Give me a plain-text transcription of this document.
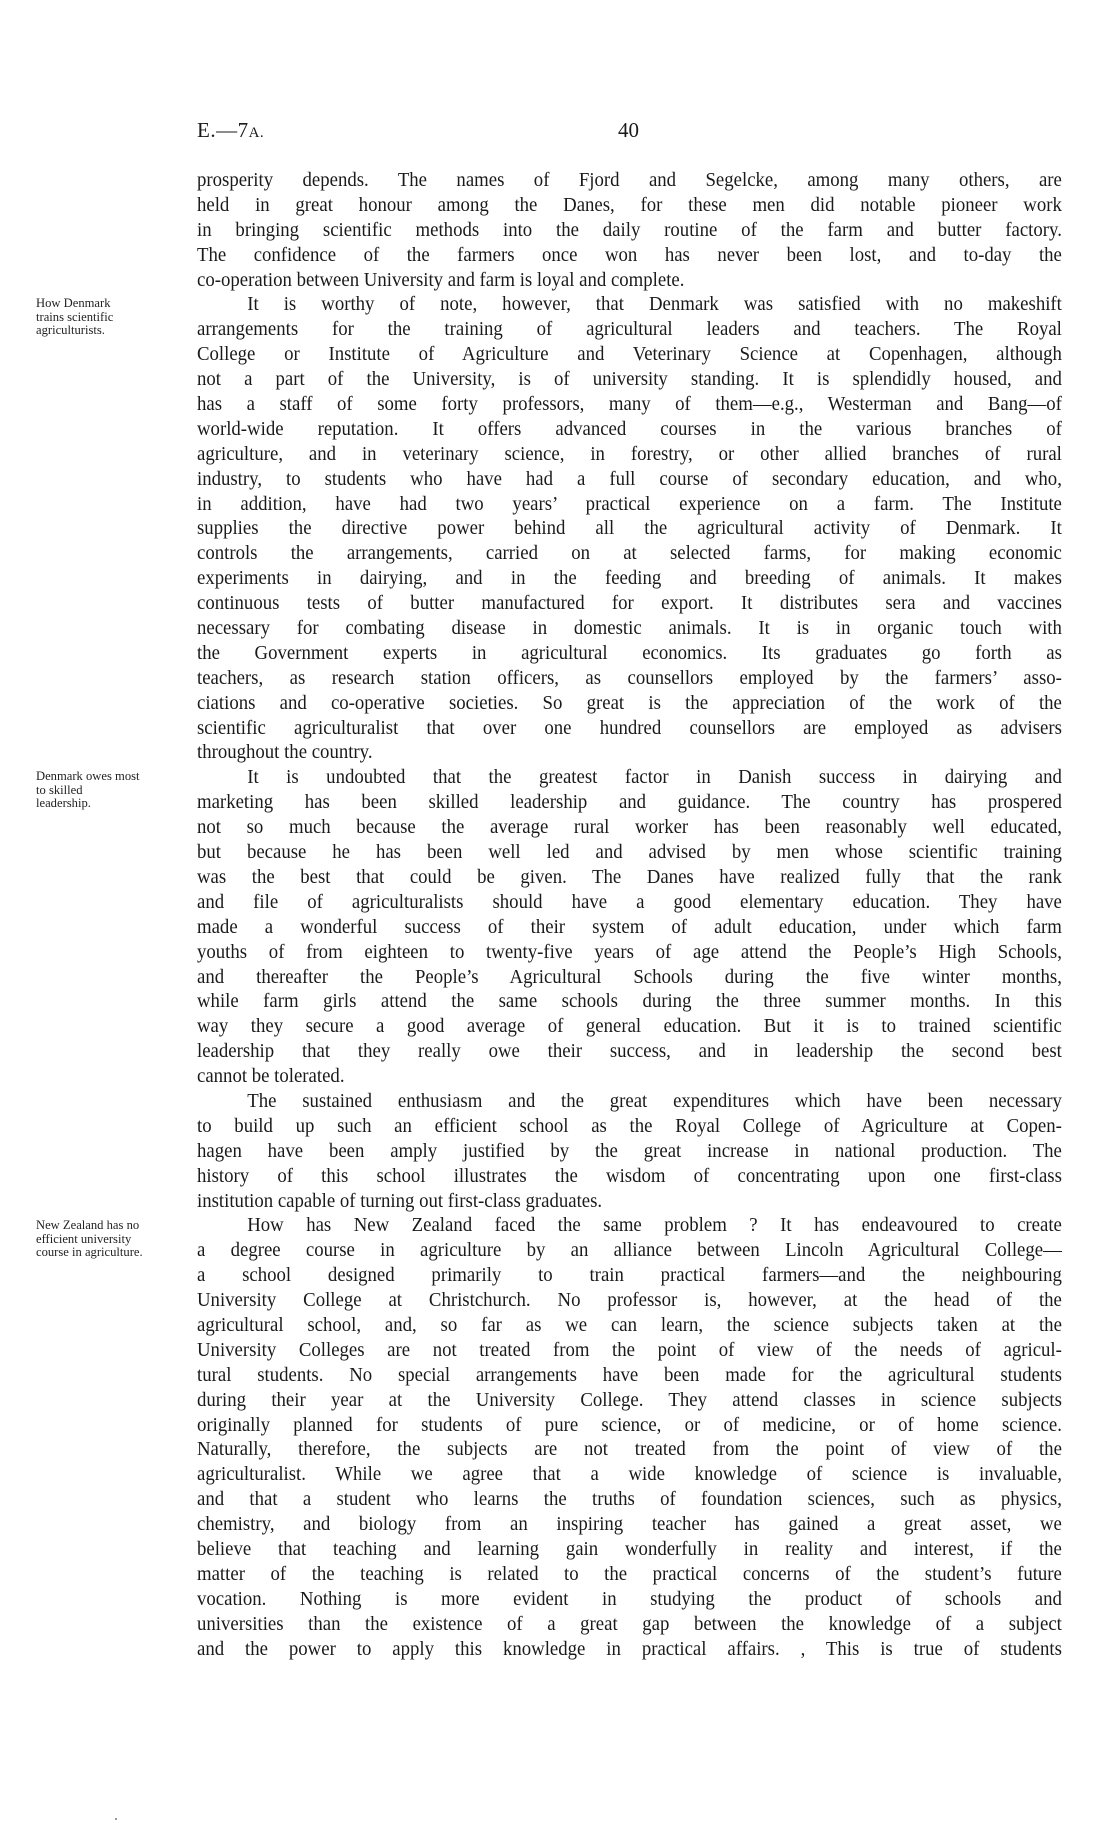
E.—7A.	40
How Denmark
trains scientific
agriculturists.
Denmark owes most
to skilled
leadership.
New Zealand has no
efficient university
course in agriculture.
prosperity depends. The names of Fjord and Segelcke, among many others, are
held in great honour among the Danes, for these men did notable pioneer work
in bringing scientific methods into the daily routine of the farm and butter factory.
The confidence of the farmers once won has never been lost, and to-day the
co-operation between University and farm is loyal and complete.
It is worthy of note, however, that Denmark was satisfied with no makeshift
arrangements for the training of agricultural leaders and teachers. The Royal
College or Institute of Agriculture and Veterinary Science at Copenhagen, although
not a part of the University, is of university standing. It is splendidly housed, and
has a staff of some forty professors, many of them—e.g., Westerman and Bang—of
world-wide reputation. It offers advanced courses in the various branches of
agriculture, and in veterinary science, in forestry, or other allied branches of rural
industry, to students who have had a full course of secondary education, and who,
in addition, have had two years’ practical experience on a farm. The Institute
supplies the directive power behind all the agricultural activity of Denmark. It
controls the arrangements, carried on at selected farms, for making economic
experiments in dairying, and in the feeding and breeding of animals. It makes
continuous tests of butter manufactured for export. It distributes sera and vaccines
necessary for combating disease in domestic animals. It is in organic touch with
the Government experts in agricultural economics. Its graduates go forth as
teachers, as research station officers, as counsellors employed by the farmers’ asso-
ciations and co-operative societies. So great is the appreciation of the work of the
scientific agriculturalist that over one hundred counsellors are employed as advisers
throughout the country.
It is undoubted that the greatest factor in Danish success in dairying and
marketing has been skilled leadership and guidance. The country has prospered
not so much because the average rural worker has been reasonably well educated,
but because he has been well led and advised by men whose scientific training
was the best that could be given. The Danes have realized fully that the rank
and file of agriculturalists should have a good elementary education. They have
made a wonderful success of their system of adult education, under which farm
youths of from eighteen to twenty-five years of age attend the People’s High Schools,
and thereafter the People’s Agricultural Schools during the five winter months,
while farm girls attend the same schools during the three summer months. In this
way they secure a good average of general education. But it is to trained scientific
leadership that they really owe their success, and in leadership the second best
cannot be tolerated.
The sustained enthusiasm and the great expenditures which have been necessary
to build up such an efficient school as the Royal College of Agriculture at Copen-
hagen have been amply justified by the great increase in national production. The
history of this school illustrates the wisdom of concentrating upon one first-class
institution capable of turning out first-class graduates.
How has New Zealand faced the same problem ? It has endeavoured to create
a degree course in agriculture by an alliance between Lincoln Agricultural College—
a school designed primarily to train practical farmers—and the neighbouring
University College at Christchurch. No professor is, however, at the head of the
agricultural school, and, so far as we can learn, the science subjects taken at the
University Colleges are not treated from the point of view of the needs of agricul-
tural students. No special arrangements have been made for the agricultural students
during their year at the University College. They attend classes in science subjects
originally planned for students of pure science, or of medicine, or of home science.
Naturally, therefore, the subjects are not treated from the point of view of the
agriculturalist. While we agree that a wide knowledge of science is invaluable,
and that a student who learns the truths of foundation sciences, such as physics,
chemistry, and biology from an inspiring teacher has gained a great asset, we
believe that teaching and learning gain wonderfully in reality and interest, if the
matter of the teaching is related to the practical concerns of the student’s future
vocation. Nothing is more evident in studying the product of schools and
universities than the existence of a great gap between the knowledge of a subject
and the power to apply this knowledge in practical affairs. , This is true of students
